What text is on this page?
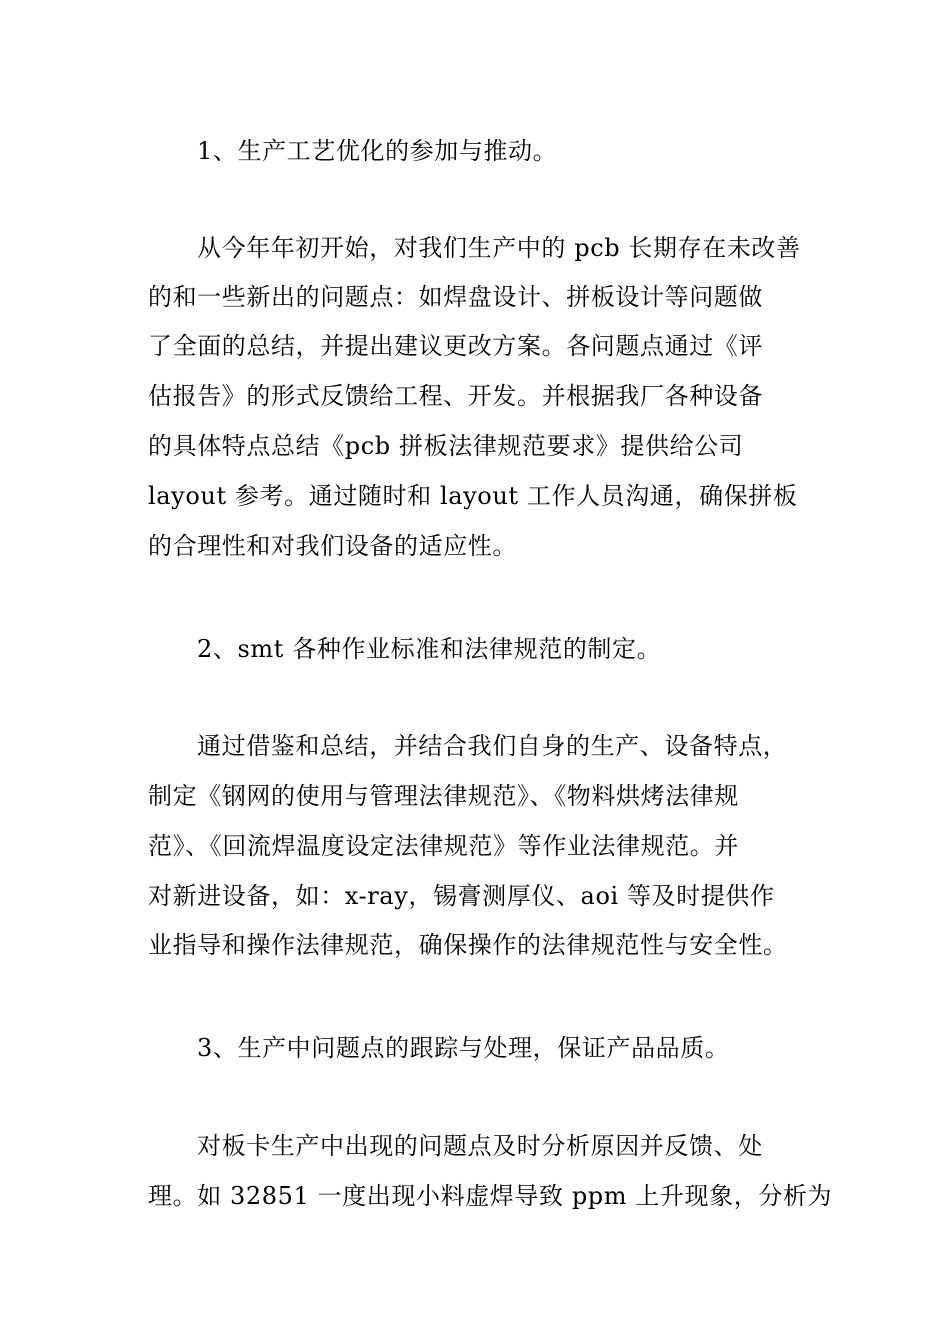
1、生产工艺优化的参加与推动。
从今年年初开始，对我们生产中的 pcb 长期存在未改善
的和一些新出的问题点：如焊盘设计、拼板设计等问题做
了全面的总结，并提出建议更改方案。各问题点通过《评
估报告》的形式反馈给工程、开发。并根据我厂各种设备
的具体特点总结《pcb 拼板法律规范要求》提供给公司
layout 参考。通过随时和 layout 工作人员沟通，确保拼板
的合理性和对我们设备的适应性。
2、smt 各种作业标准和法律规范的制定。
通过借鉴和总结，并结合我们自身的生产、设备特点，
制定《钢网的使用与管理法律规范》、《物料烘烤法律规
范》、《回流焊温度设定法律规范》等作业法律规范。并
对新进设备，如：x-ray，锡膏测厚仪、aoi 等及时提供作
业指导和操作法律规范，确保操作的法律规范性与安全性。
3、生产中问题点的跟踪与处理，保证产品品质。
对板卡生产中出现的问题点及时分析原因并反馈、处
理。如 32851 一度出现小料虚焊导致 ppm 上升现象，分析为
